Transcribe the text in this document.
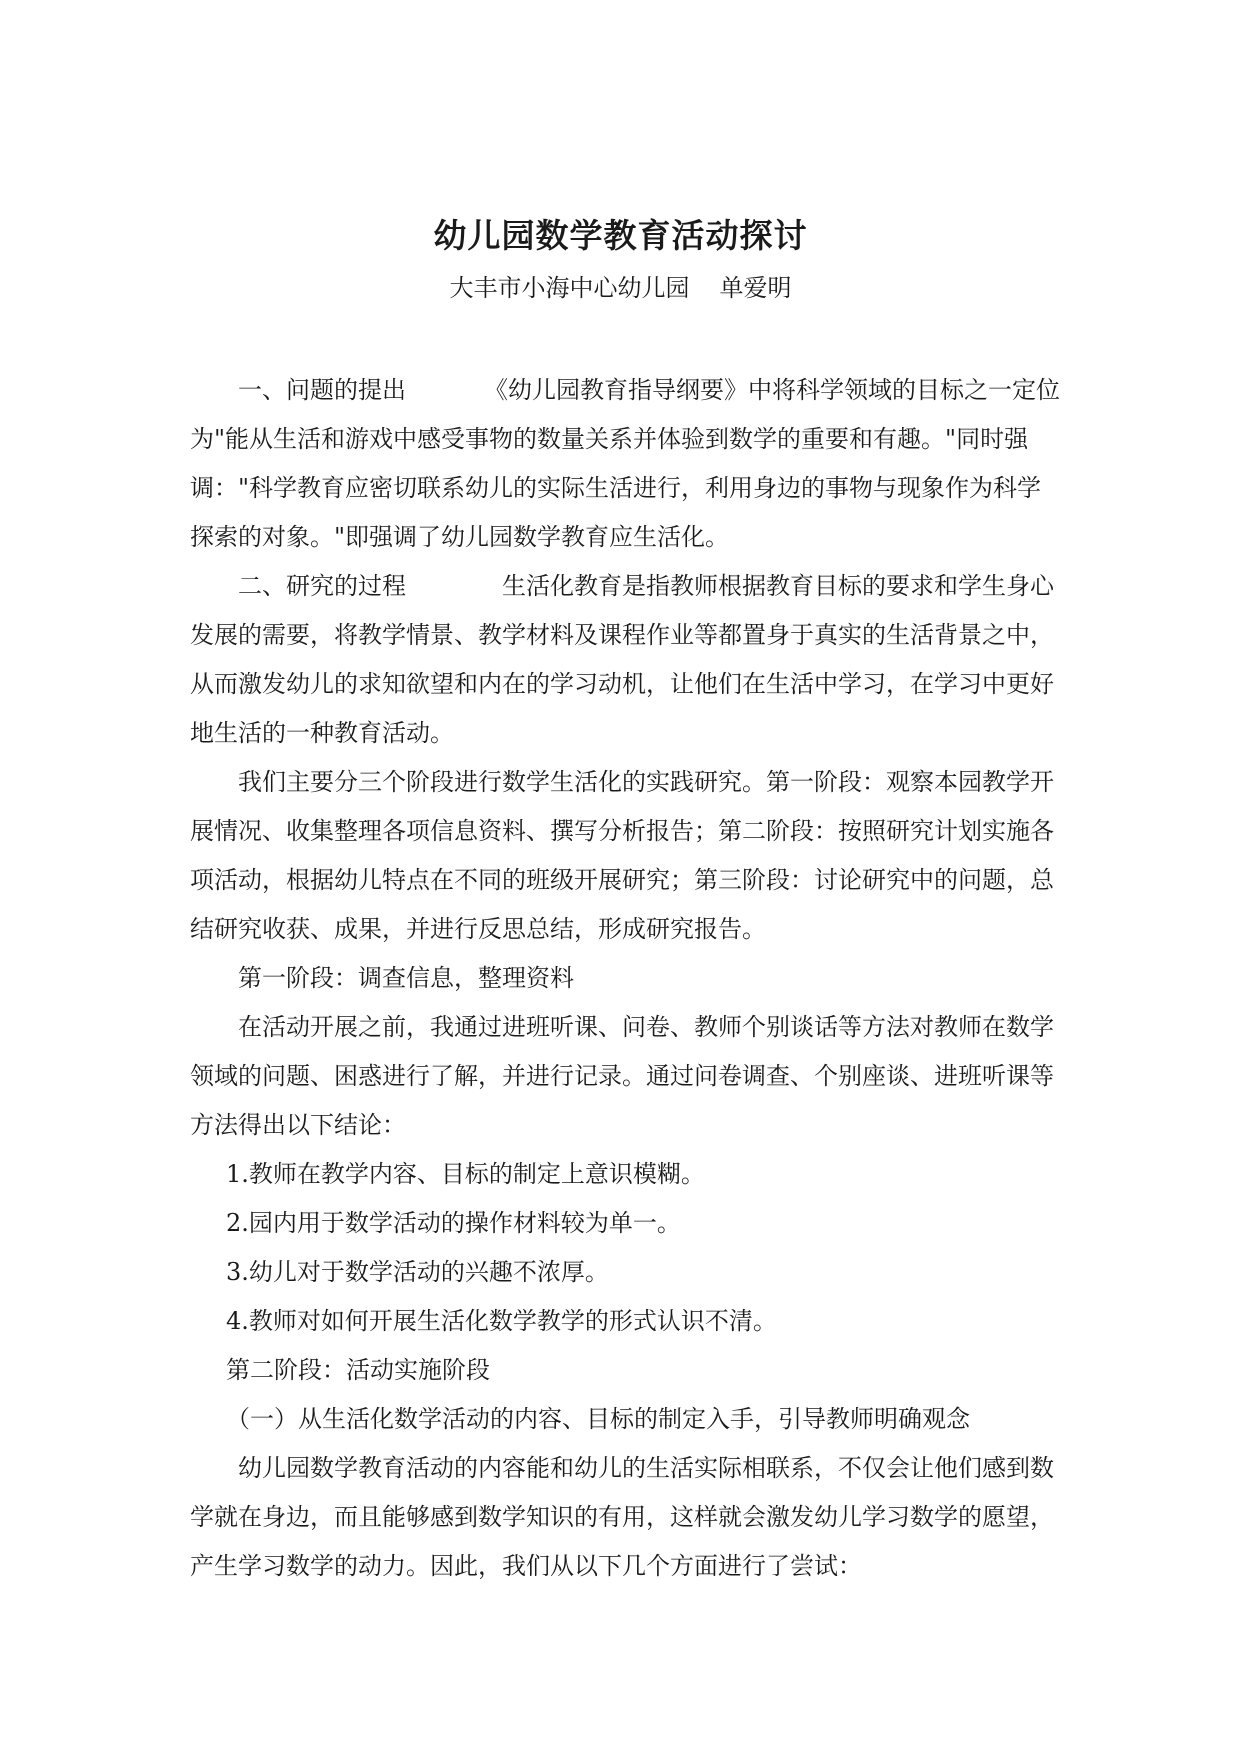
幼儿园数学教育活动探讨
大丰市小海中心幼儿园 单爱明

一、问题的提出	《幼儿园教育指导纲要》中将科学领域的目标之一定位为"能从生活和游戏中感受事物的数量关系并体验到数学的重要和有趣。"同时强调："科学教育应密切联系幼儿的实际生活进行，利用身边的事物与现象作为科学探索的对象。"即强调了幼儿园数学教育应生活化。

二、研究的过程	生活化教育是指教师根据教育目标的要求和学生身心发展的需要，将教学情景、教学材料及课程作业等都置身于真实的生活背景之中，从而激发幼儿的求知欲望和内在的学习动机，让他们在生活中学习，在学习中更好地生活的一种教育活动。

我们主要分三个阶段进行数学生活化的实践研究。第一阶段：观察本园教学开展情况、收集整理各项信息资料、撰写分析报告；第二阶段：按照研究计划实施各项活动，根据幼儿特点在不同的班级开展研究；第三阶段：讨论研究中的问题，总结研究收获、成果，并进行反思总结，形成研究报告。

第一阶段：调查信息，整理资料

在活动开展之前，我通过进班听课、问卷、教师个别谈话等方法对教师在数学领域的问题、困惑进行了解，并进行记录。通过问卷调查、个别座谈、进班听课等方法得出以下结论：

1.教师在教学内容、目标的制定上意识模糊。

2.园内用于数学活动的操作材料较为单一。

3.幼儿对于数学活动的兴趣不浓厚。

4.教师对如何开展生活化数学教学的形式认识不清。

第二阶段：活动实施阶段

（一）从生活化数学活动的内容、目标的制定入手，引导教师明确观念

幼儿园数学教育活动的内容能和幼儿的生活实际相联系，不仅会让他们感到数学就在身边，而且能够感到数学知识的有用，这样就会激发幼儿学习数学的愿望，产生学习数学的动力。因此，我们从以下几个方面进行了尝试：
